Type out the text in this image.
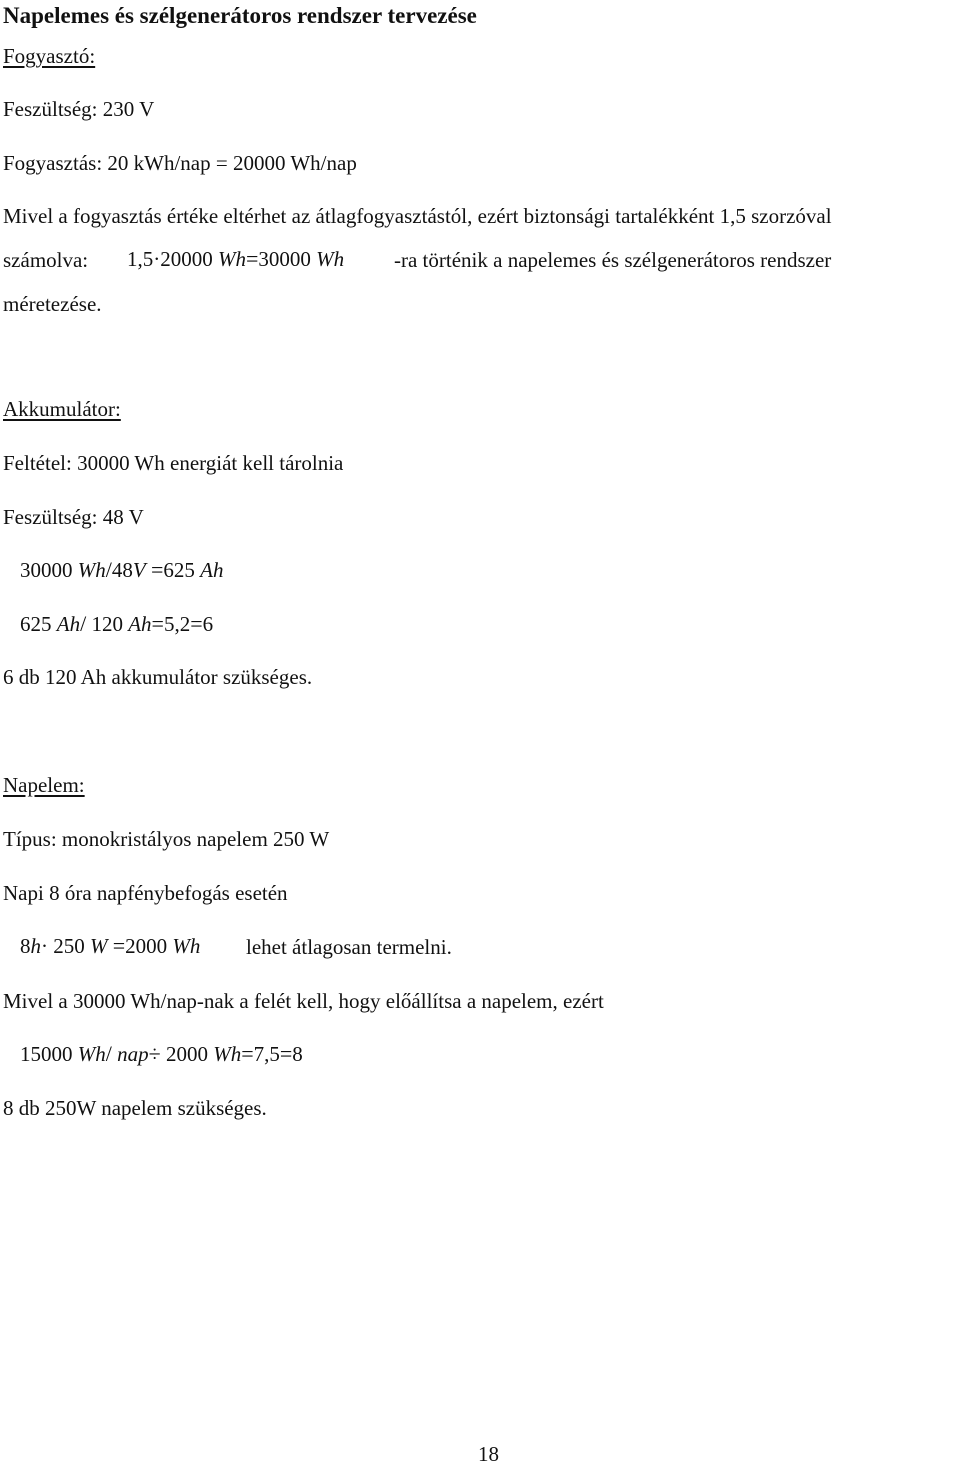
Napelemes és szélgenerátoros rendszer tervezése
Fogyasztó:
Feszültség: 230 V
Fogyasztás: 20 kWh/nap = 20000 Wh/nap
Mivel a fogyasztás értéke eltérhet az átlagfogyasztástól, ezért biztonsági tartalékként 1,5 szorzóval
számolva: 1,5·20000 Wh=30000 Wh -ra történik a napelemes és szélgenerátoros rendszer
méretezése.
Akkumulátor:
Feltétel: 30000 Wh energiát kell tárolnia
Feszültség: 48 V
30000 Wh/48V =625 Ah
625 Ah/ 120 Ah=5,2=6
6 db 120 Ah akkumulátor szükséges.
Napelem:
Típus: monokristályos napelem 250 W
Napi 8 óra napfénybefogás esetén
8h· 250 W =2000 Wh lehet átlagosan termelni.
Mivel a 30000 Wh/nap-nak a felét kell, hogy előállítsa a napelem, ezért
15000 Wh/ nap÷ 2000 Wh=7,5=8
8 db 250W napelem szükséges.
18
